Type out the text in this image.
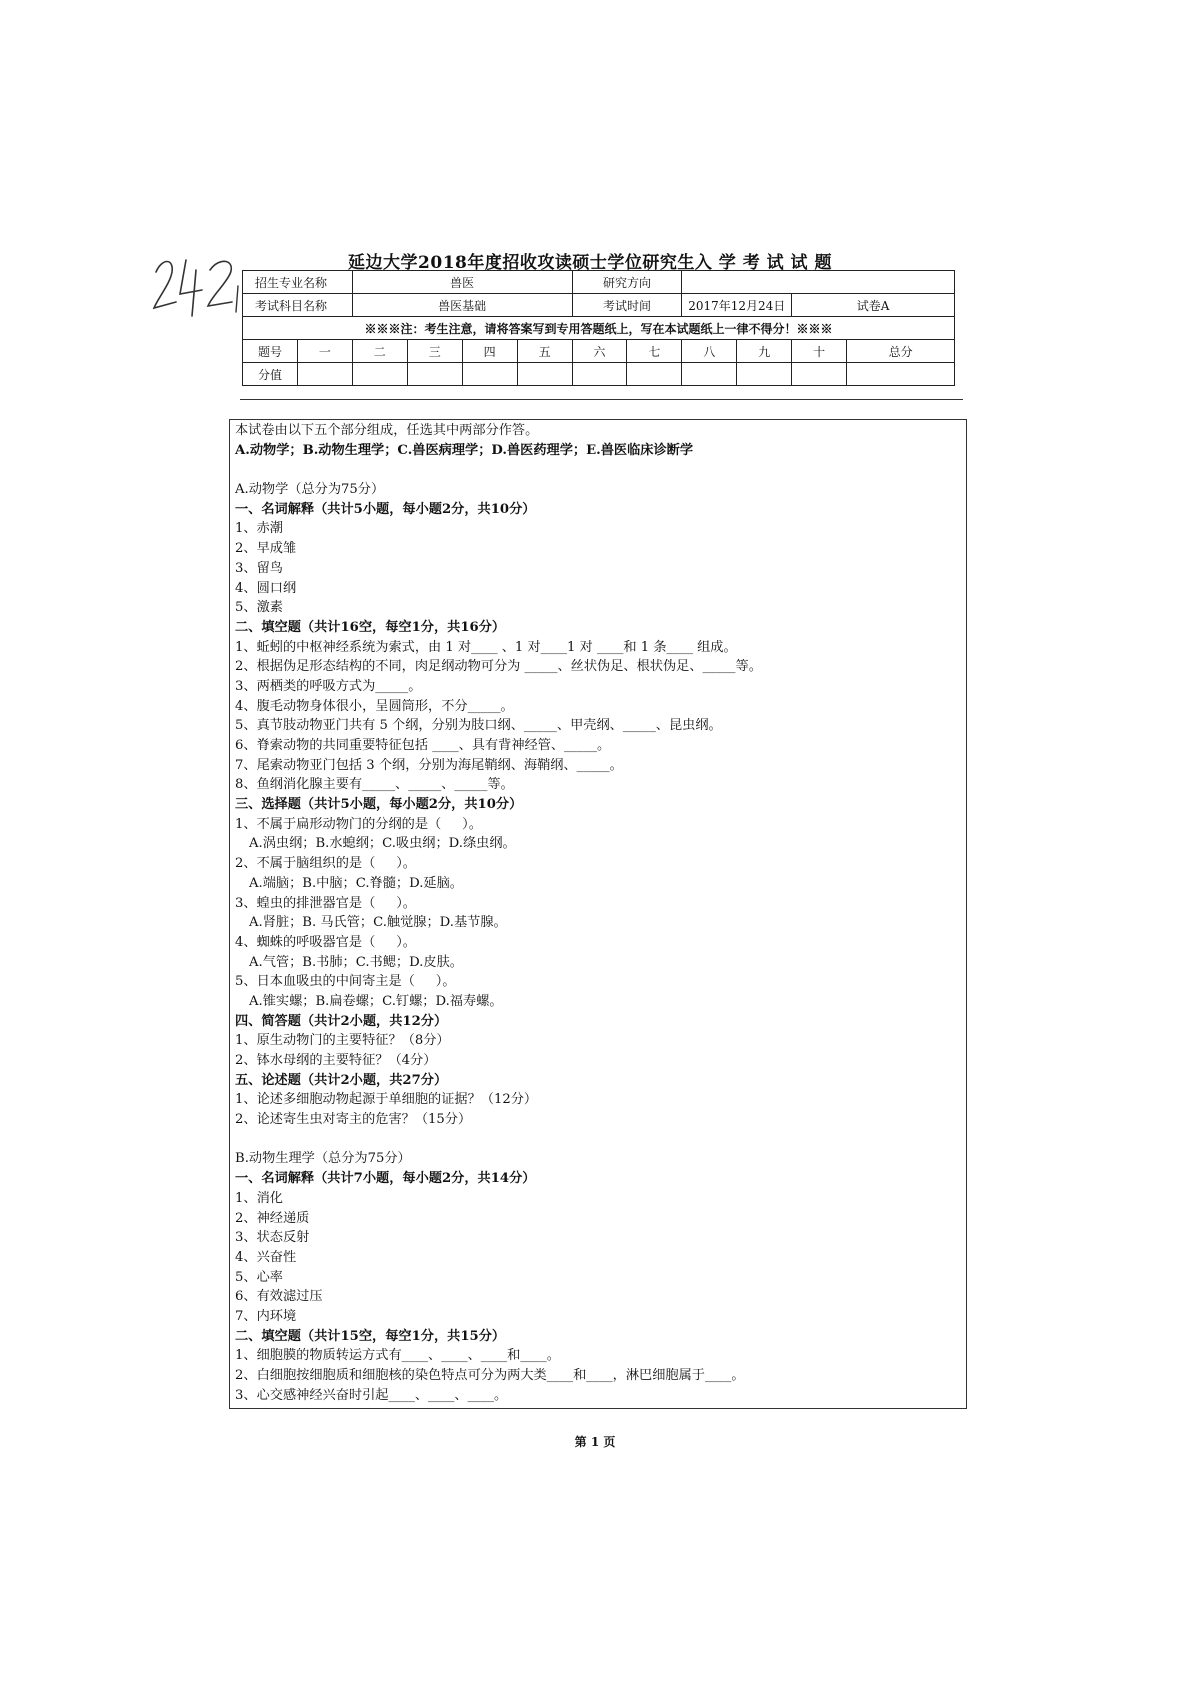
延边大学2018年度招收攻读硕士学位研究生入 学 考 试 试 题
招生专业名称		兽医				研究方向					
考试科目名称		兽医基础				考试时间		2017年12月24日		试卷A	
※※※注：考生注意，请将答案写到专用答题纸上，写在本试题纸上一律不得分！※※※											
题号	一	二	三	四	五	六	七	八	九	十	总分
分值											
本试卷由以下五个部分组成，任选其中两部分作答。
A.动物学；B.动物生理学；C.兽医病理学；D.兽医药理学；E.兽医临床诊断学
A.动物学（总分为75分）
一、名词解释（共计5小题，每小题2分，共10分）
1、赤潮
2、早成雏
3、留鸟
4、圆口纲
5、激素
二、填空题（共计16空，每空1分，共16分）
1、蚯蚓的中枢神经系统为索式，由 1 对____ 、1 对____1 对 ____和 1 条____ 组成。
2、根据伪足形态结构的不同，肉足纲动物可分为 _____、丝状伪足、根状伪足、_____等。
3、两栖类的呼吸方式为_____。
4、腹毛动物身体很小，呈圆筒形，不分_____。
5、真节肢动物亚门共有 5 个纲，分别为肢口纲、_____、甲壳纲、_____、昆虫纲。
6、脊索动物的共同重要特征包括 ____、具有背神经管、_____。
7、尾索动物亚门包括 3 个纲，分别为海尾鞘纲、海鞘纲、_____。
8、鱼纲消化腺主要有_____、_____、_____等。
三、选择题（共计5小题，每小题2分，共10分）
1、不属于扁形动物门的分纲的是（     ）。
A.涡虫纲；B.水螅纲；C.吸虫纲；D.绦虫纲。
2、不属于脑组织的是（     ）。
A.端脑；B.中脑；C.脊髓；D.延脑。
3、蝗虫的排泄器官是（     ）。
A.肾脏；B. 马氏管；C.触觉腺；D.基节腺。
4、蜘蛛的呼吸器官是（     ）。
A.气管；B.书肺；C.书鳃；D.皮肤。
5、日本血吸虫的中间寄主是（     ）。
A.锥实螺；B.扁卷螺；C.钉螺；D.福寿螺。
四、简答题（共计2小题，共12分）
1、原生动物门的主要特征？（8分）
2、钵水母纲的主要特征？（4分）
五、论述题（共计2小题，共27分）
1、论述多细胞动物起源于单细胞的证据？（12分）
2、论述寄生虫对寄主的危害？（15分）
B.动物生理学（总分为75分）
一、名词解释（共计7小题，每小题2分，共14分）
1、消化
2、神经递质
3、状态反射
4、兴奋性
5、心率
6、有效滤过压
7、内环境
二、填空题（共计15空，每空1分，共15分）
1、细胞膜的物质转运方式有____、____、____和____。
2、白细胞按细胞质和细胞核的染色特点可分为两大类____和____，淋巴细胞属于____。
3、心交感神经兴奋时引起____、____、____。
第 1 页
